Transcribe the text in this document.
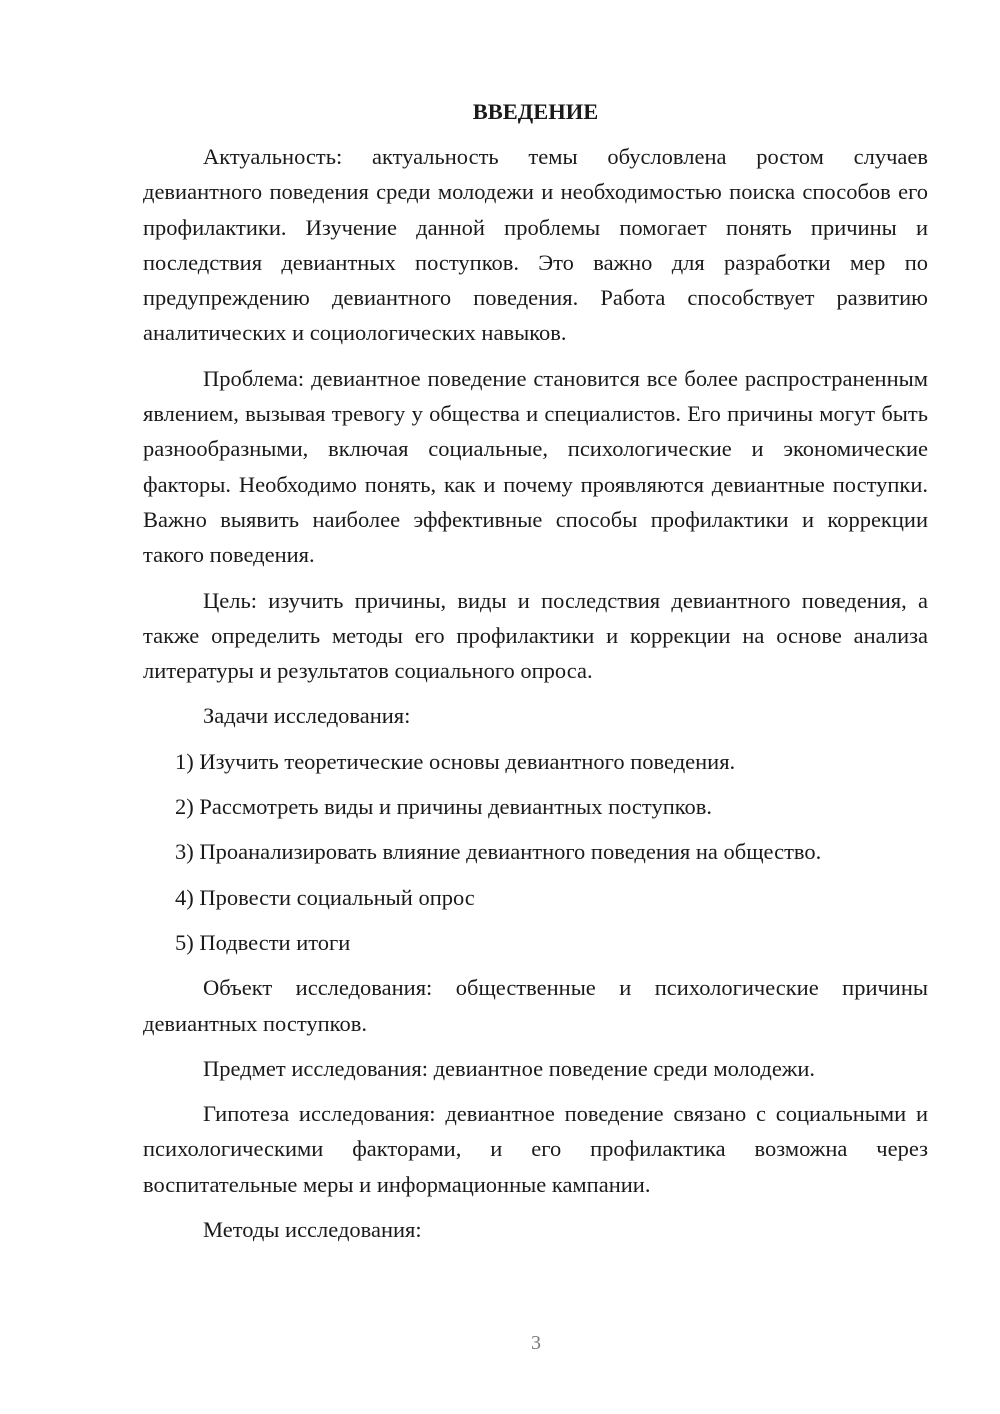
ВВЕДЕНИЕ

Актуальность: актуальность темы обусловлена ростом случаев девиантного поведения среди молодежи и необходимостью поиска способов его профилактики. Изучение данной проблемы помогает понять причины и последствия девиантных поступков. Это важно для разработки мер по предупреждению девиантного поведения. Работа способствует развитию аналитических и социологических навыков.

Проблема: девиантное поведение становится все более распространенным явлением, вызывая тревогу у общества и специалистов. Его причины могут быть разнообразными, включая социальные, психологические и экономические факторы. Необходимо понять, как и почему проявляются девиантные поступки. Важно выявить наиболее эффективные способы профилактики и коррекции такого поведения.

Цель: изучить причины, виды и последствия девиантного поведения, а также определить методы его профилактики и коррекции на основе анализа литературы и результатов социального опроса.

Задачи исследования:

1) Изучить теоретические основы девиантного поведения.

2) Рассмотреть виды и причины девиантных поступков.

3) Проанализировать влияние девиантного поведения на общество.

4) Провести социальный опрос

5) Подвести итоги

Объект исследования: общественные и психологические причины девиантных поступков.

Предмет исследования: девиантное поведение среди молодежи.

Гипотеза исследования: девиантное поведение связано с социальными и психологическими факторами, и его профилактика возможна через воспитательные меры и информационные кампании.

Методы исследования:

3
